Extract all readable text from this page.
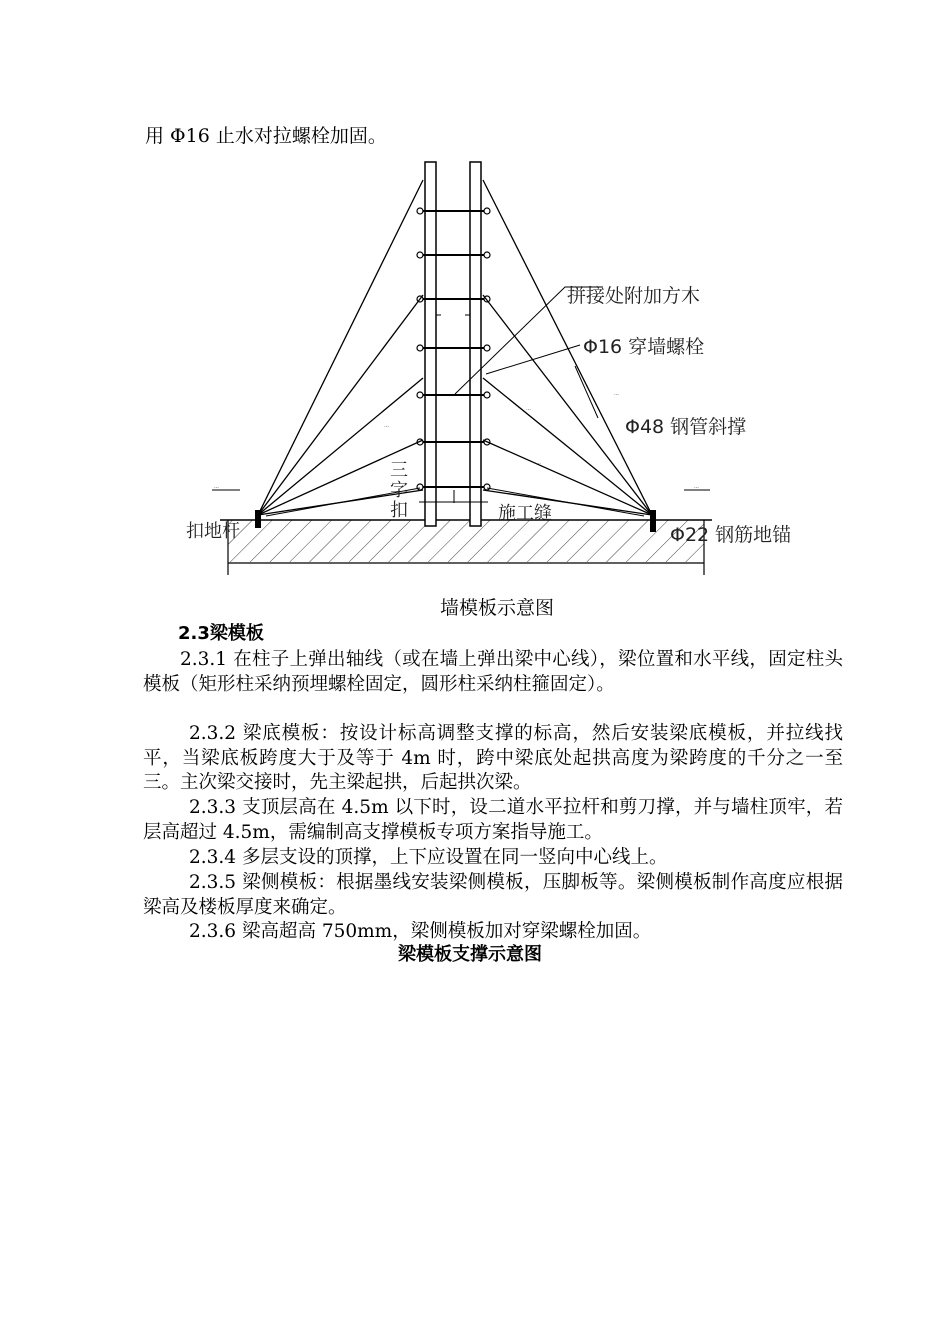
用 Φ16 止水对拉螺栓加固。
·-·	·-·
·-·
·-·
·-·
·-·
拼接处附加方木
Φ16 穿墙螺栓
Φ48 钢管斜撑
三
字
扣	施工缝
扣地杆	Φ22 钢筋地锚
墙模板示意图
2.3梁模板
2.3.1 在柱子上弹出轴线（或在墙上弹出梁中心线），梁位置和水平线，固定柱头模板（矩形柱采纳预埋螺栓固定，圆形柱采纳柱箍固定）。
2.3.2 梁底模板：按设计标高调整支撑的标高，然后安装梁底模板，并拉线找平，当梁底板跨度大于及等于 4m 时，跨中梁底处起拱高度为梁跨度的千分之一至三。主次梁交接时，先主梁起拱，后起拱次梁。
2.3.3 支顶层高在 4.5m 以下时，设二道水平拉杆和剪刀撑，并与墙柱顶牢，若层高超过 4.5m，需编制高支撑模板专项方案指导施工。
2.3.4 多层支设的顶撑，上下应设置在同一竖向中心线上。
2.3.5 梁侧模板：根据墨线安装梁侧模板，压脚板等。梁侧模板制作高度应根据梁高及楼板厚度来确定。
2.3.6 梁高超高 750mm，梁侧模板加对穿梁螺栓加固。
梁模板支撑示意图
